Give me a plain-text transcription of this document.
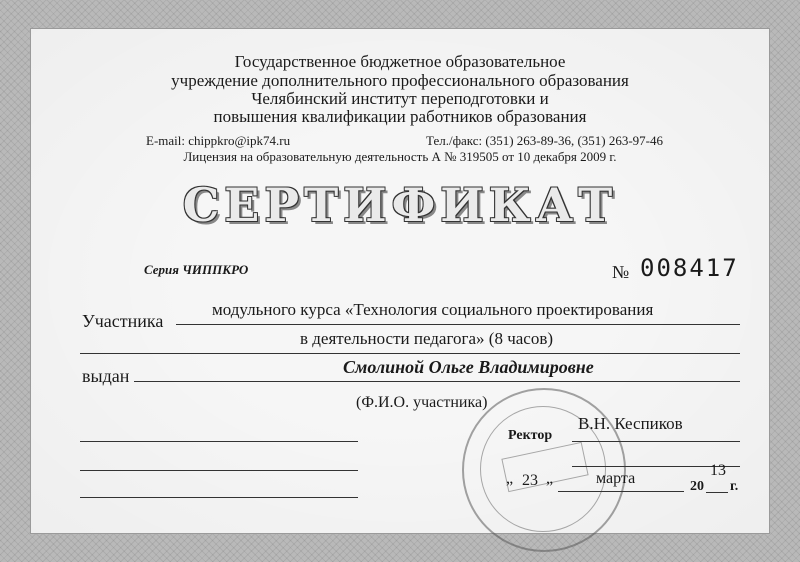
Государственное бюджетное образовательное
учреждение дополнительного профессионального образования
Челябинский институт переподготовки и
повышения квалификации работников образования
E-mail: chippkro@ipk74.ru	Тел./факс: (351) 263-89-36, (351) 263-97-46
Лицензия на образовательную деятельность А № 319505 от 10 декабря 2009 г.
СЕРТИФИКАТ
Серия ЧИППКРО	№ 008417
Участника
модульного курса «Технология социального проектирования
в деятельности педагога» (8 часов)
выдан	Смолиной Ольге Владимировне
(Ф.И.О. участника)
В.Н. Кеспиков
Ректор
„ 23 „	марта	20
13
г.
